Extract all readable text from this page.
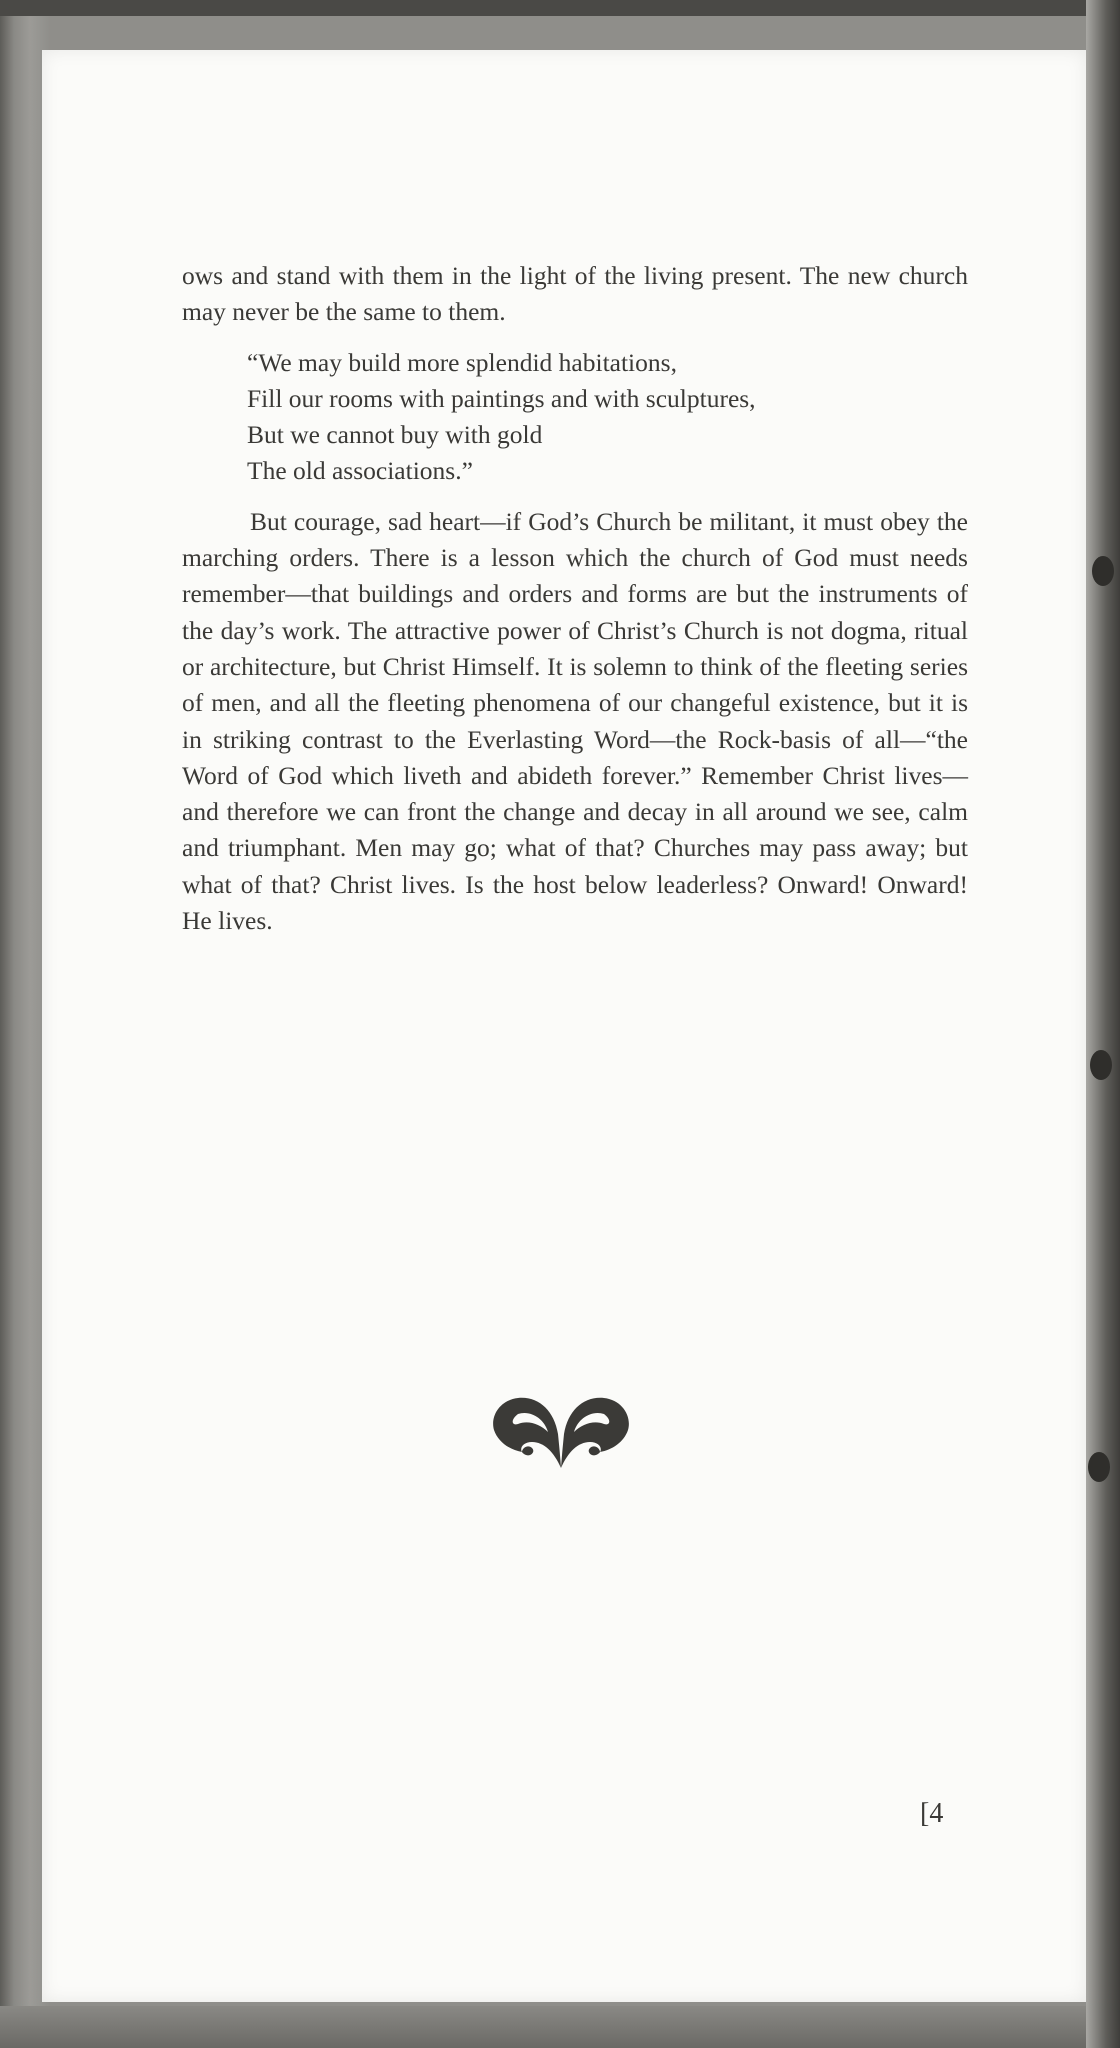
ows and stand with them in the light of the living present. The new church may never be the same to them.

“We may build more splendid habitations,
Fill our rooms with paintings and with sculptures,
But we cannot buy with gold
The old associations.”

But courage, sad heart—if God’s Church be militant, it must obey the marching orders. There is a lesson which the church of God must needs remember—that buildings and orders and forms are but the instruments of the day’s work. The attractive power of Christ’s Church is not dogma, ritual or architecture, but Christ Himself. It is solemn to think of the fleeting series of men, and all the fleeting phenomena of our changeful existence, but it is in striking contrast to the Everlasting Word—the Rock-basis of all—“the Word of God which liveth and abideth forever.” Remember Christ lives—and therefore we can front the change and decay in all around we see, calm and triumphant. Men may go; what of that? Churches may pass away; but what of that? Christ lives. Is the host below leaderless? Onward! Onward! He lives.

[4
